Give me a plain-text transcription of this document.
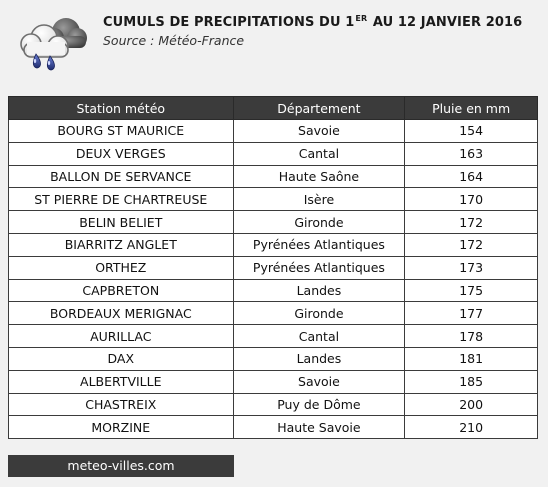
CUMULS DE PRECIPITATIONS DU 1ER AU 12 JANVIER 2016
Source : Météo-France
Station météo	Département	Pluie en mm
BOURG ST MAURICE	Savoie	154
DEUX VERGES	Cantal	163
BALLON DE SERVANCE	Haute Saône	164
ST PIERRE DE CHARTREUSE	Isère	170
BELIN BELIET	Gironde	172
BIARRITZ ANGLET	Pyrénées Atlantiques	172
ORTHEZ	Pyrénées Atlantiques	173
CAPBRETON	Landes	175
BORDEAUX MERIGNAC	Gironde	177
AURILLAC	Cantal	178
DAX	Landes	181
ALBERTVILLE	Savoie	185
CHASTREIX	Puy de Dôme	200
MORZINE	Haute Savoie	210
meteo-villes.com
